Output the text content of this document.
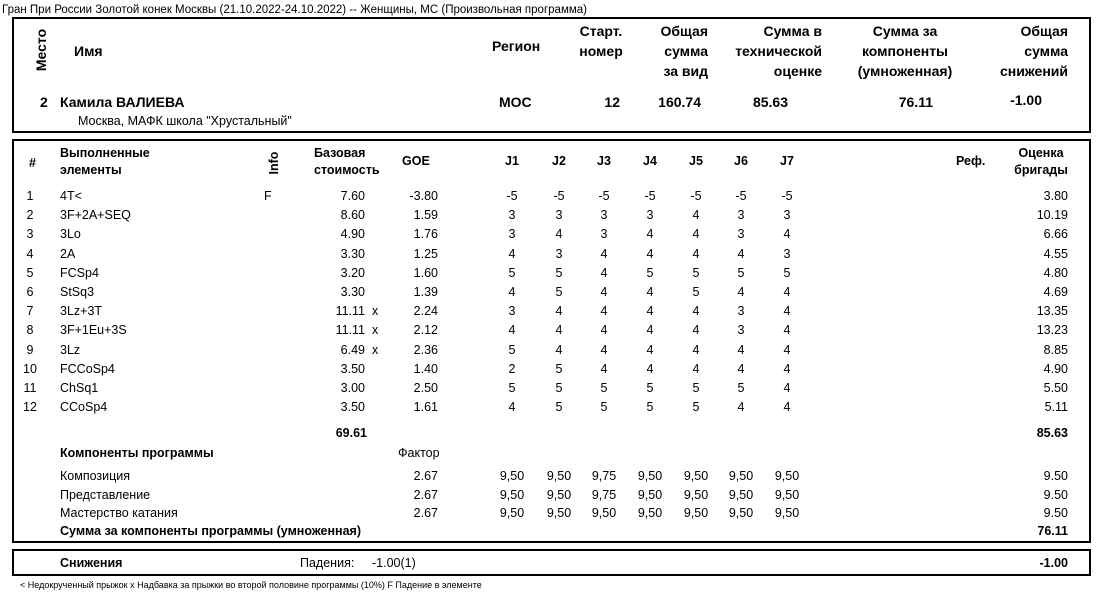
Гран При России Золотой конек Москвы (21.10.2022-24.10.2022) -- Женщины, МС (Произвольная программа)
Место Имя	Регион
Старт.
номер
Общая
сумма
за вид
Сумма в
технической
оценке
Сумма за
компоненты
(умноженная)
Общая
сумма
снижений
2 Камила ВАЛИЕВА
Москва, МАФК школа "Хрустальный"
МОС	12	160.74	85.63	76.11	-1.00
#
Выполненные
элементы	Info	Базовая
стоимость
GOE	J1	J2	J3	J4	J5	J6	J7	Реф.
Оценка
бригады
1	4T<	F	7.60	-3.80	-5	-5	-5	-5	-5	-5	-5	3.80
2	3F+2A+SEQ	8.60	1.59	3	3	3	3	4	3	3	10.19
3	3Lo	4.90	1.76	3	4	3	4	4	3	4	6.66
4	2A	3.30	1.25	4	3	4	4	4	4	3	4.55
5	FCSp4	3.20	1.60	5	5	4	5	5	5	5	4.80
6	StSq3	3.30	1.39	4	5	4	4	5	4	4	4.69
7	3Lz+3T	11.11 x	2.24	3	4	4	4	4	3	4	13.35
8	3F+1Eu+3S	11.11 x	2.12	4	4	4	4	4	3	4	13.23
9	3Lz	6.49 x	2.36	5	4	4	4	4	4	4	8.85
10	FCCoSp4	3.50	1.40	2	5	4	4	4	4	4	4.90
11	ChSq1	3.00	2.50	5	5	5	5	5	5	4	5.50
12	CCoSp4	3.50	1.61	4	5	5	5	5	4	4	5.11
69.61	85.63
Компоненты программы	Фактор
Композиция	2.67	9,50	9,50	9,75	9,50	9,50	9,50	9,50	9.50
Представление	2.67	9,50	9,50	9,75	9,50	9,50	9,50	9,50	9.50
Мастерство катания	2.67	9,50	9,50	9,50	9,50	9,50	9,50	9,50	9.50
Сумма за компоненты программы (умноженная)	76.11
Снижения	Падения: -1.00(1)	-1.00
< Недокрученный прыжок x Надбавка за прыжки во второй половине программы (10%) F Падение в элементе
